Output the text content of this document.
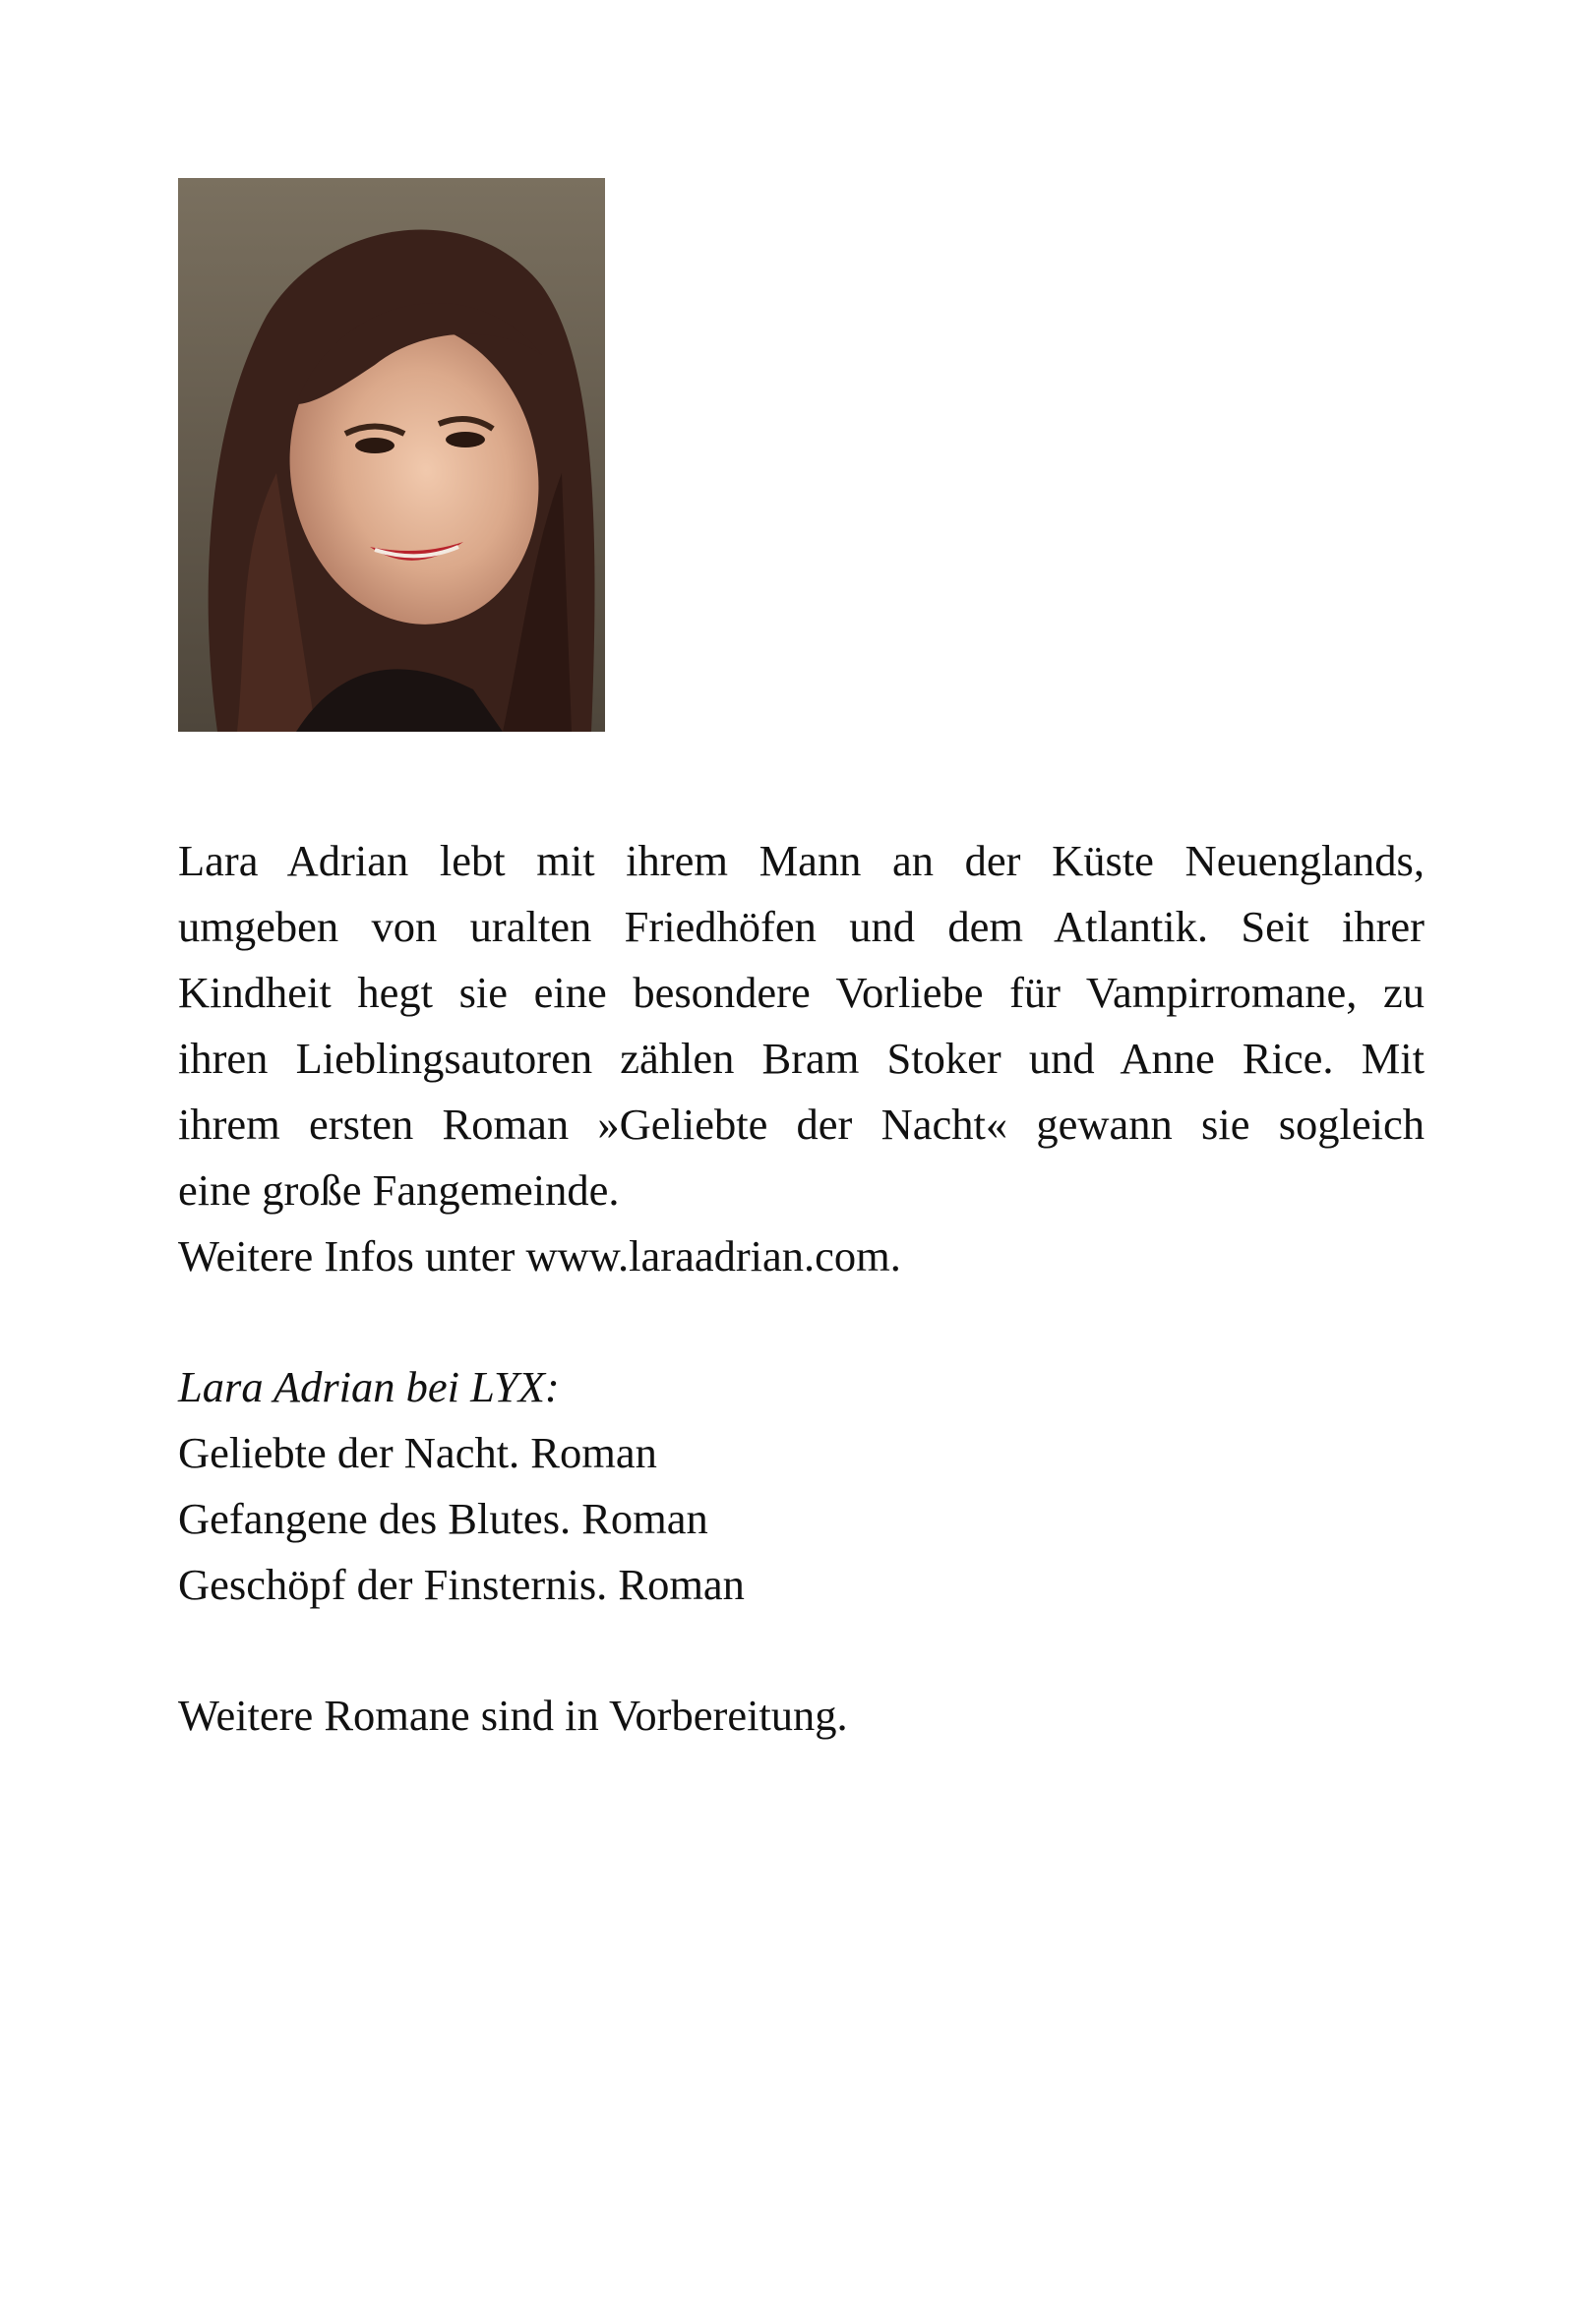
Lara Adrian lebt mit ihrem Mann an der Küste Neuenglands,
umgeben von uralten Friedhöfen und dem Atlantik. Seit ihrer
Kindheit hegt sie eine besondere Vorliebe für Vampirromane, zu
ihren Lieblingsautoren zählen Bram Stoker und Anne Rice. Mit
ihrem ersten Roman »Geliebte der Nacht« gewann sie sogleich
eine große Fangemeinde.

Weitere Infos unter www.laraadrian.com.

Lara Adrian bei LYX:

Geliebte der Nacht. Roman
Gefangene des Blutes. Roman
Geschöpf der Finsternis. Roman

Weitere Romane sind in Vorbereitung.
